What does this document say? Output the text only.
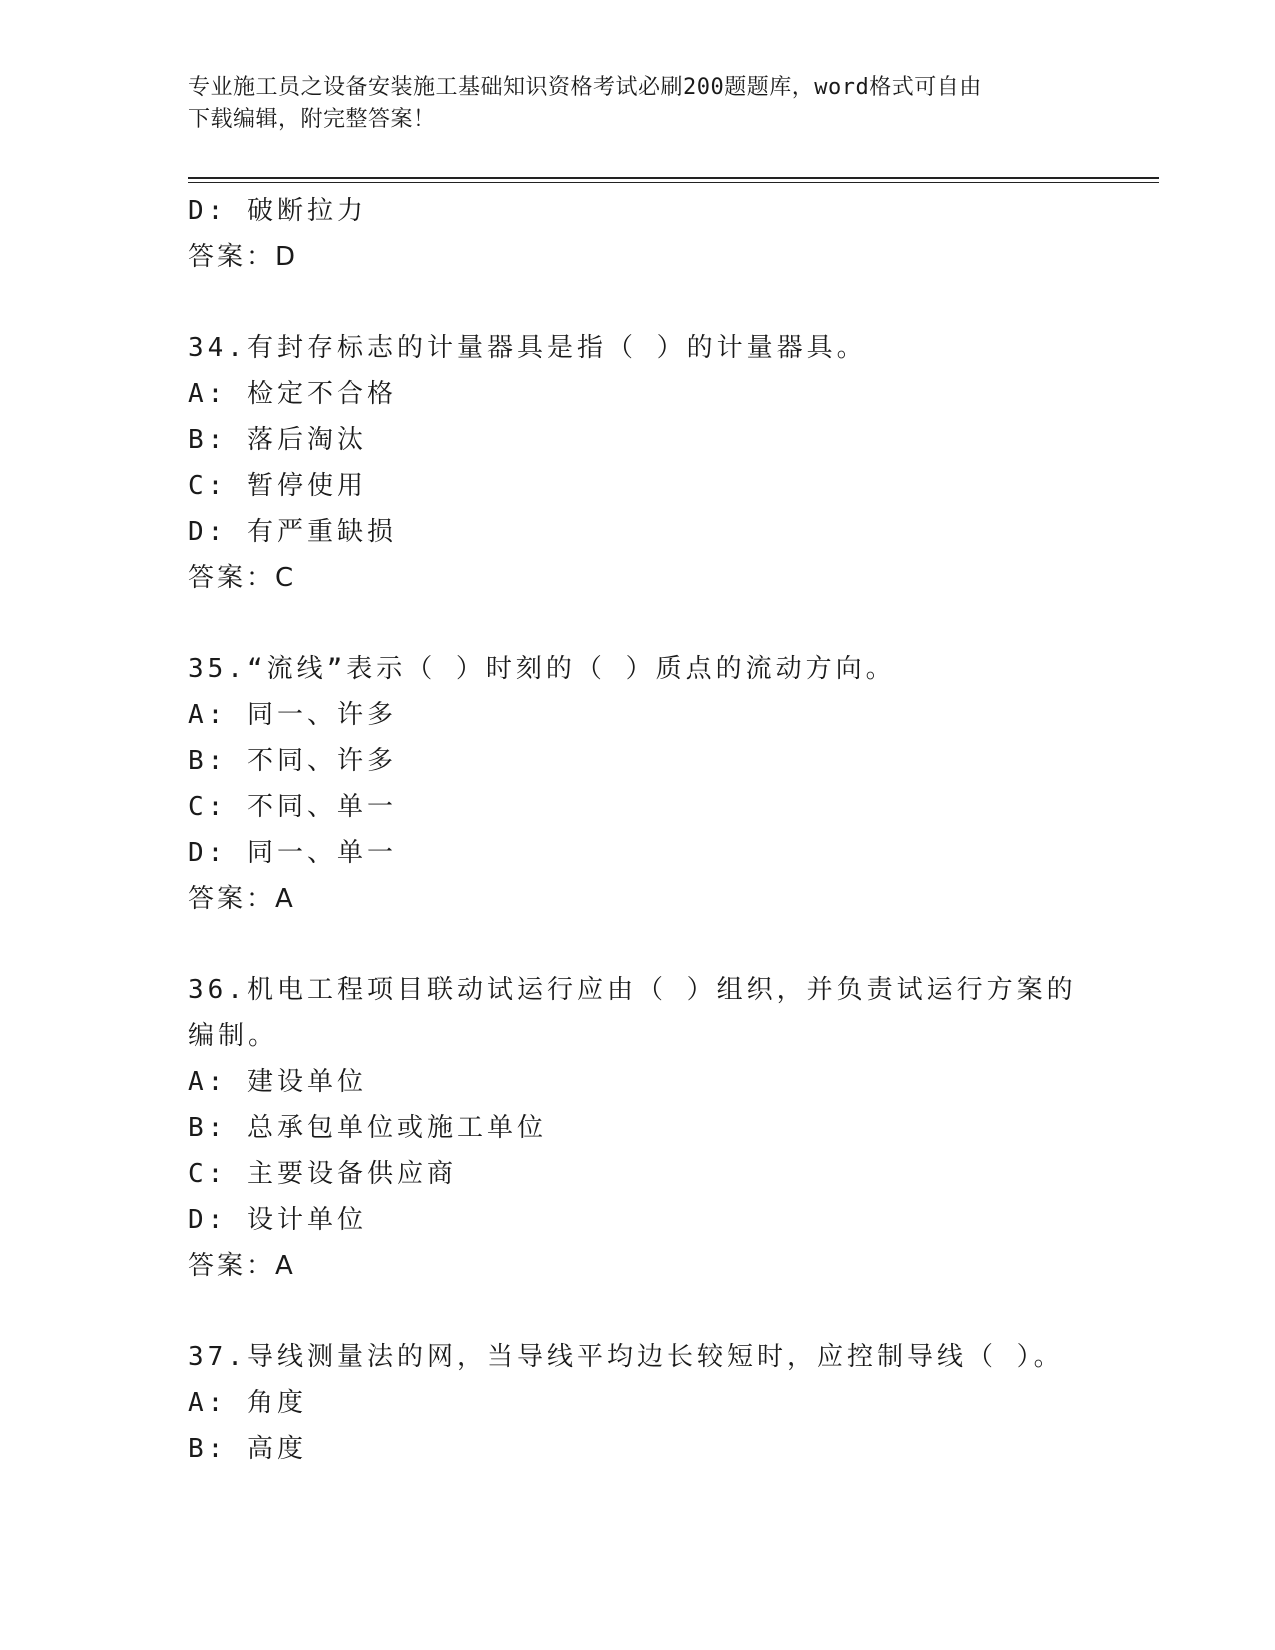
专业施工员之设备安装施工基础知识资格考试必刷200题题库，word格式可自由
下载编辑，附完整答案！
D: 破断拉力
答案：D
34.有封存标志的计量器具是指（ ）的计量器具。
A: 检定不合格
B: 落后淘汰
C: 暂停使用
D: 有严重缺损
答案：C
35.“流线”表示（ ）时刻的（ ）质点的流动方向。
A: 同一、许多
B: 不同、许多
C: 不同、单一
D: 同一、单一
答案：A
36.机电工程项目联动试运行应由（ ）组织，并负责试运行方案的编制。
A: 建设单位
B: 总承包单位或施工单位
C: 主要设备供应商
D: 设计单位
答案：A
37.导线测量法的网，当导线平均边长较短时，应控制导线（ ）。
A: 角度
B: 高度
